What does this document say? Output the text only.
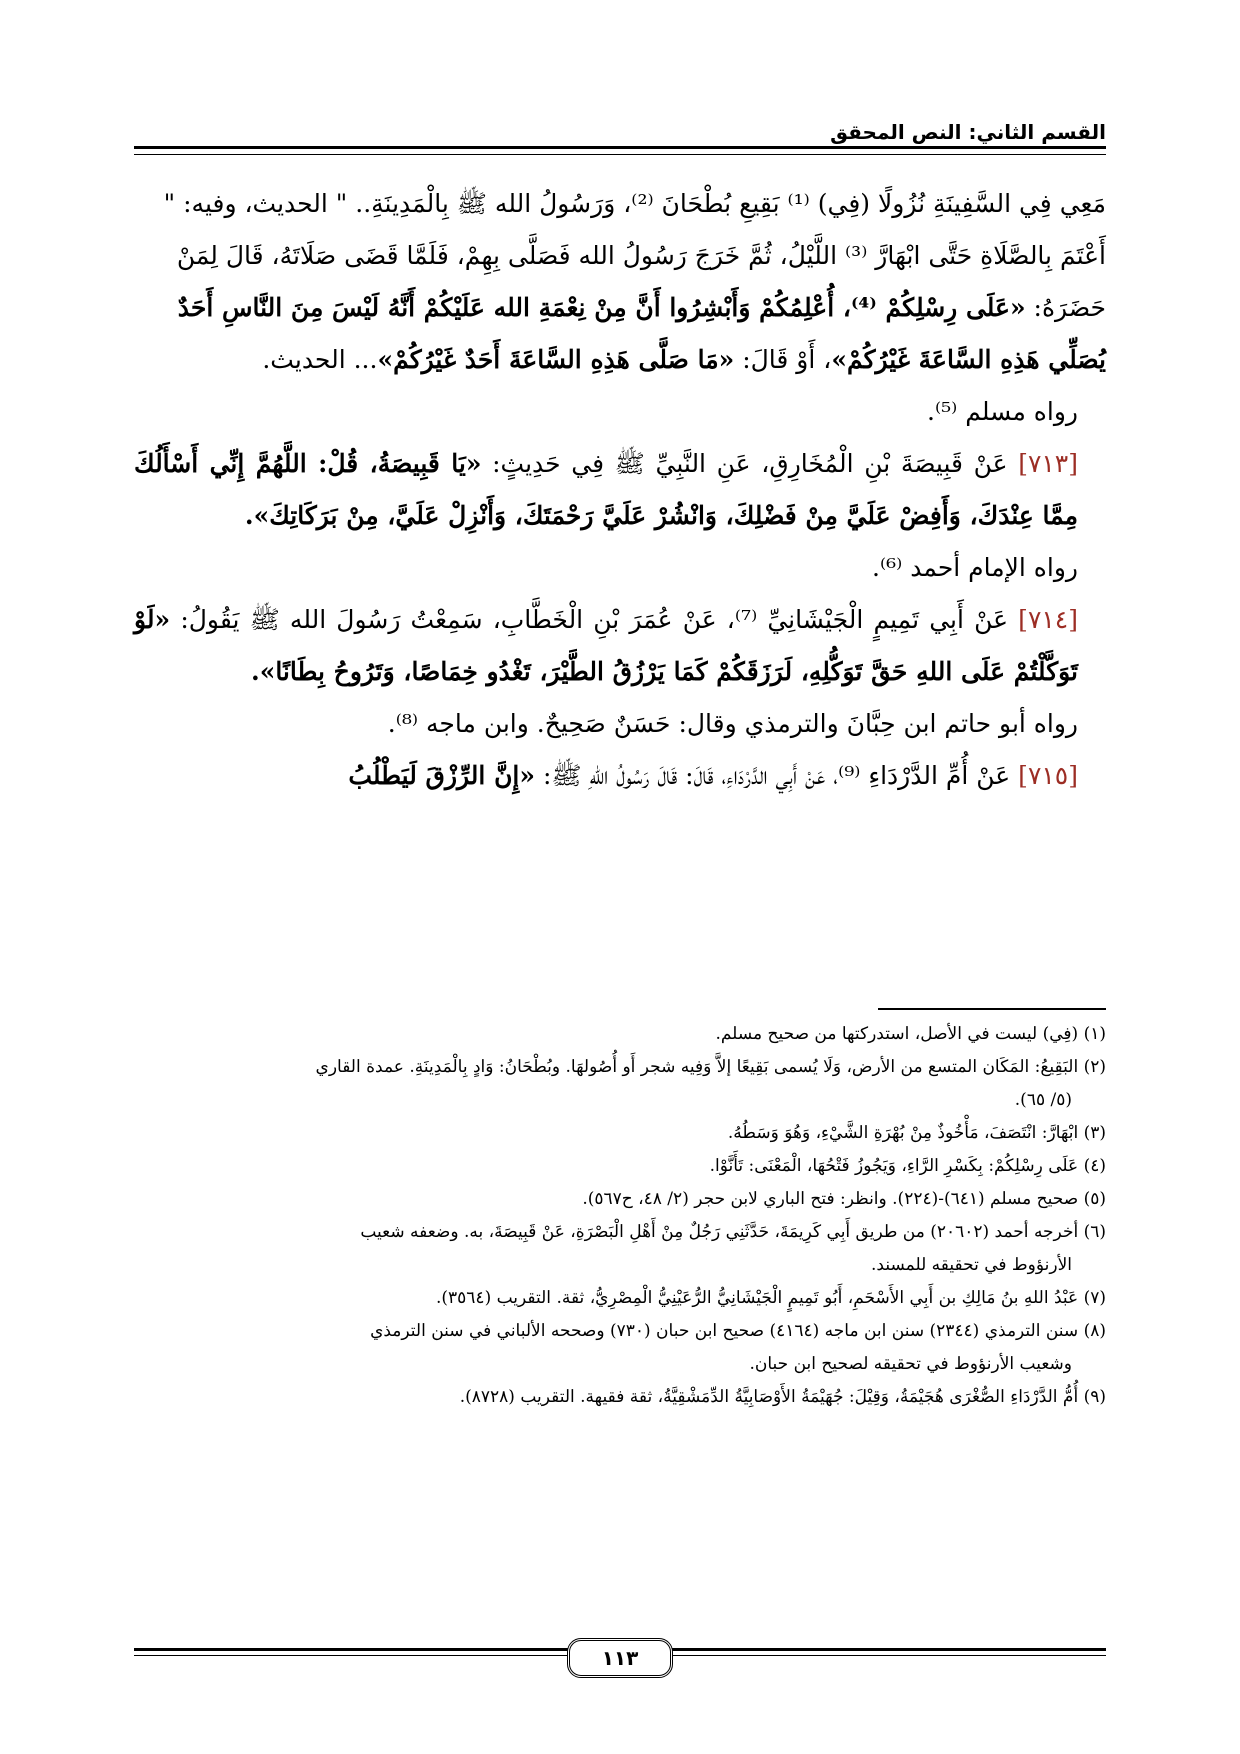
القسم الثاني: النص المحقق

مَعِي فِي السَّفِينَةِ نُزُولًا (فِي) ⁽¹⁾ بَقِيعِ بُطْحَانَ ⁽²⁾، وَرَسُولُ الله ﷺ بِالْمَدِينَةِ.. " الحديث، وفيه: "

أَعْتَمَ بِالصَّلَاةِ حَتَّى ابْهَارَّ ⁽³⁾ اللَّيْلُ، ثُمَّ خَرَجَ رَسُولُ الله فَصَلَّى بِهِمْ، فَلَمَّا قَضَى صَلَاتَهُ، قَالَ لِمَنْ

حَضَرَهُ: «عَلَى رِسْلِكُمْ ⁽⁴⁾، أُعْلِمُكُمْ وَأَبْشِرُوا أَنَّ مِنْ نِعْمَةِ الله عَلَيْكُمْ أَنَّهُ لَيْسَ مِنَ النَّاسِ أَحَدٌ

يُصَلِّي هَذِهِ السَّاعَةَ غَيْرُكُمْ»، أَوْ قَالَ: «مَا صَلَّى هَذِهِ السَّاعَةَ أَحَدٌ غَيْرُكُمْ»... الحديث.

رواه مسلم ⁽⁵⁾.

[٧١٣] عَنْ قَبِيصَةَ بْنِ الْمُخَارِقِ، عَنِ النَّبِيِّ ﷺ فِي حَدِيثٍ: «يَا قَبِيصَةُ، قُلْ: اللَّهُمَّ إِنِّي أَسْأَلُكَ مِمَّا عِنْدَكَ، وَأَفِضْ عَلَيَّ مِنْ فَضْلِكَ، وَانْشُرْ عَلَيَّ رَحْمَتَكَ، وَأَنْزِلْ عَلَيَّ، مِنْ بَرَكَاتِكَ».

رواه الإمام أحمد ⁽⁶⁾.

[٧١٤] عَنْ أَبِي تَمِيمٍ الْجَيْشَانِيِّ ⁽⁷⁾، عَنْ عُمَرَ بْنِ الْخَطَّابِ، سَمِعْتُ رَسُولَ الله ﷺ يَقُولُ: «لَوْ تَوَكَّلْتُمْ عَلَى اللهِ حَقَّ تَوَكُّلِهِ، لَرَزَقَكُمْ كَمَا يَرْزُقُ الطَّيْرَ، تَغْدُو خِمَاصًا، وَتَرُوحُ بِطَانًا».

رواه أبو حاتم ابن حِبَّانَ والترمذي وقال: حَسَنٌ صَحِيحٌ. وابن ماجه ⁽⁸⁾.

[٧١٥] عَنْ أُمِّ الدَّرْدَاءِ ⁽⁹⁾، عَنْ أَبِي الدَّرْدَاءِ، قَالَ: قَالَ رَسُولُ اللهِ ﷺ: «إِنَّ الرِّزْقَ لَيَطْلُبُ

(١) (فِي) ليست في الأصل، استدركتها من صحيح مسلم.

(٢) البَقِيعُ: المَكَان المتسع من الأرض، وَلَا يُسمى بَقِيعًا إلاَّ وَفِيه شجر أَو أُصُولهَا. وبُطْحَانُ: وَادٍ بِالْمَدِينَةِ. عمدة القاري

(٥/ ٦٥).

(٣) ابْهَارَّ: انْتَصَفَ، مَأْخُوذٌ مِنْ بُهْرَةِ الشَّيْءِ، وَهُوَ وَسَطُهُ.

(٤) عَلَى رِسْلِكُمْ: بِكَسْرِ الرَّاءِ، وَيَجُوزُ فَتْحُهَا، الْمَعْنَى: تَأَنَّوْا.

(٥) صحيح مسلم (٦٤١)-(٢٢٤). وانظر: فتح الباري لابن حجر (٢/ ٤٨، ح٥٦٧).

(٦) أخرجه أحمد (٢٠٦٠٢) من طريق أَبِي كَرِيمَةَ، حَدَّثَنِي رَجُلٌ مِنْ أَهْلِ الْبَصْرَةِ، عَنْ قَبِيصَةَ، به. وضعفه شعيب

الأرنؤوط في تحقيقه للمسند.

(٧) عَبْدُ اللهِ بنُ مَالِكِ بن أَبِي الأَسْحَمِ، أَبُو تَمِيمٍ الْجَيْشَانِيُّ الرُّعَيْنِيُّ الْمِصْرِيُّ، ثقة. التقريب (٣٥٦٤).

(٨) سنن الترمذي (٢٣٤٤) سنن ابن ماجه (٤١٦٤) صحيح ابن حبان (٧٣٠) وصححه الألباني في سنن الترمذي

وشعيب الأرنؤوط في تحقيقه لصحيح ابن حبان.

(٩) أُمُّ الدَّرْدَاءِ الصُّغْرَى هُجَيْمَةُ، وَقِيْلَ: جُهَيْمَةُ الأَوْصَابِيَّةُ الدِّمَشْقِيَّةُ، ثقة فقيهة. التقريب (٨٧٢٨).

١١٣
